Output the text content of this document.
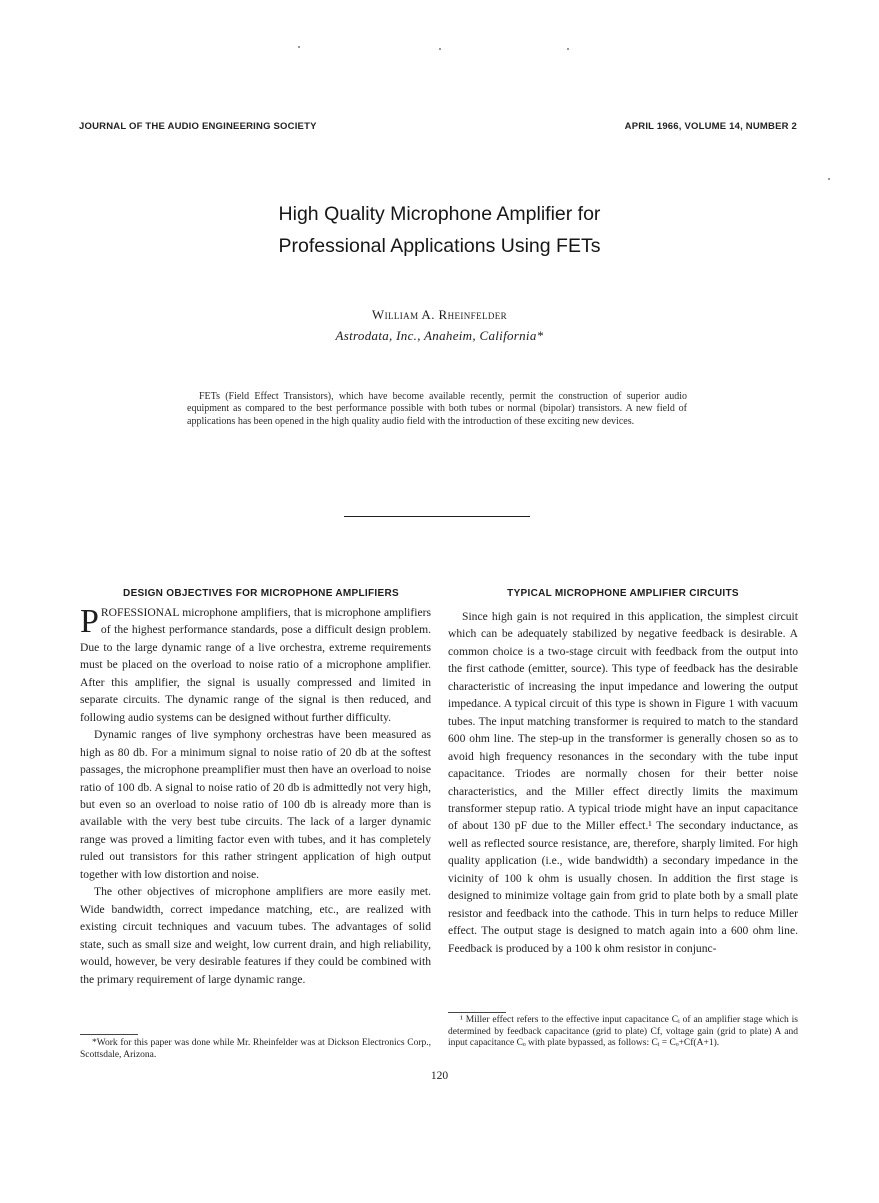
JOURNAL OF THE AUDIO ENGINEERING SOCIETY	APRIL 1966, VOLUME 14, NUMBER 2
High Quality Microphone Amplifier for
Professional Applications Using FETs
William A. Rheinfelder
Astrodata, Inc., Anaheim, California*
FETs (Field Effect Transistors), which have become available recently, permit the construction of superior audio equipment as compared to the best performance possible with both tubes or normal (bipolar) transistors. A new field of applications has been opened in the high quality audio field with the introduction of these exciting new devices.
DESIGN OBJECTIVES FOR MICROPHONE AMPLIFIERS

PROFESSIONAL microphone amplifiers, that is microphone amplifiers of the highest performance standards, pose a difficult design problem. Due to the large dynamic range of a live orchestra, extreme requirements must be placed on the overload to noise ratio of a microphone amplifier. After this amplifier, the signal is usually compressed and limited in separate circuits. The dynamic range of the signal is then reduced, and following audio systems can be designed without further difficulty.

Dynamic ranges of live symphony orchestras have been measured as high as 80 db. For a minimum signal to noise ratio of 20 db at the softest passages, the microphone preamplifier must then have an overload to noise ratio of 100 db. A signal to noise ratio of 20 db is admittedly not very high, but even so an overload to noise ratio of 100 db is already more than is available with the very best tube circuits. The lack of a larger dynamic range was proved a limiting factor even with tubes, and it has completely ruled out transistors for this rather stringent application of high output together with low distortion and noise.

The other objectives of microphone amplifiers are more easily met. Wide bandwidth, correct impedance matching, etc., are realized with existing circuit techniques and vacuum tubes. The advantages of solid state, such as small size and weight, low current drain, and high reliability, would, however, be very desirable features if they could be combined with the primary requirement of large dynamic range.

*Work for this paper was done while Mr. Rheinfelder was at Dickson Electronics Corp., Scottsdale, Arizona.

TYPICAL MICROPHONE AMPLIFIER CIRCUITS

Since high gain is not required in this application, the simplest circuit which can be adequately stabilized by negative feedback is desirable. A common choice is a two-stage circuit with feedback from the output into the first cathode (emitter, source). This type of feedback has the desirable characteristic of increasing the input impedance and lowering the output impedance. A typical circuit of this type is shown in Figure 1 with vacuum tubes. The input matching transformer is required to match to the standard 600 ohm line. The step-up in the transformer is generally chosen so as to avoid high frequency resonances in the secondary with the tube input capacitance. Triodes are normally chosen for their better noise characteristics, and the Miller effect directly limits the maximum transformer stepup ratio. A typical triode might have an input capacitance of about 130 pF due to the Miller effect.¹ The secondary inductance, as well as reflected source resistance, are, therefore, sharply limited. For high quality application (i.e., wide bandwidth) a secondary impedance in the vicinity of 100 k ohm is usually chosen. In addition the first stage is designed to minimize voltage gain from grid to plate both by a small plate resistor and feedback into the cathode. This in turn helps to reduce Miller effect. The output stage is designed to match again into a 600 ohm line. Feedback is produced by a 100 k ohm resistor in conjunc-

¹ Miller effect refers to the effective input capacitance Cᵢ of an amplifier stage which is determined by feedback capacitance (grid to plate) Cf, voltage gain (grid to plate) A and input capacitance Cₒ with plate bypassed, as follows: Cᵢ = Cₒ+Cf(A+1).

120
